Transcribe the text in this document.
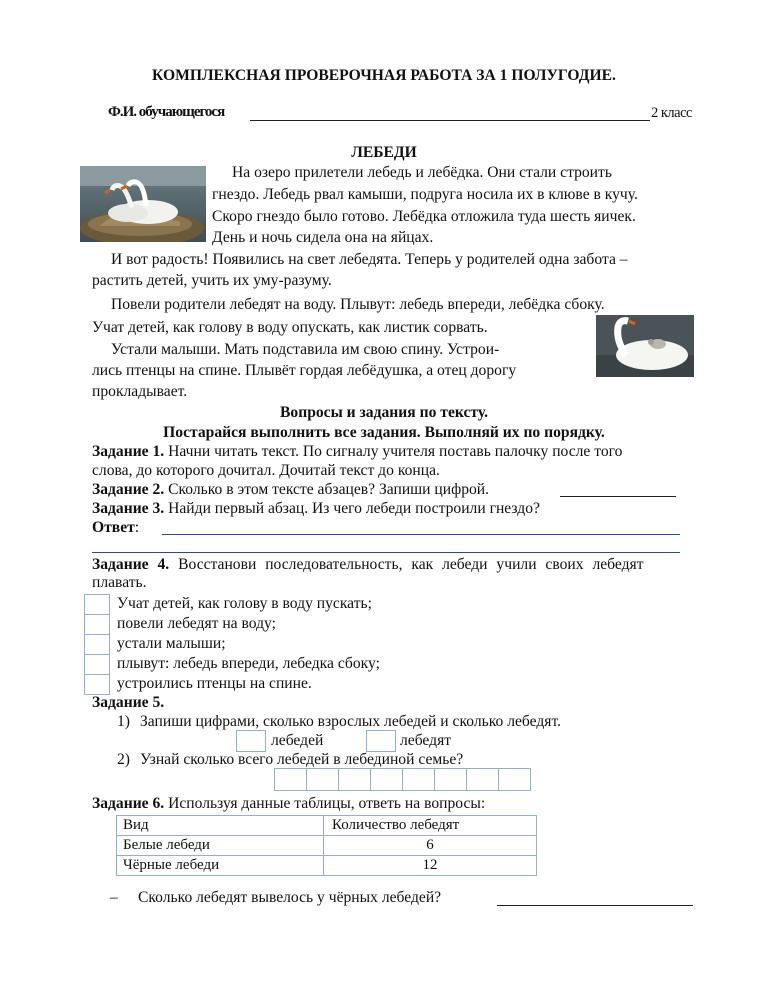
КОМПЛЕКСНАЯ ПРОВЕРОЧНАЯ РАБОТА ЗА 1 ПОЛУГОДИЕ.
Ф.И. обучающегося	2 класс
ЛЕБЕДИ
На озеро прилетели лебедь и лебёдка. Они стали строить
гнездо. Лебедь рвал камыши, подруга носила их в клюве в кучу.
Скоро гнездо было готово. Лебёдка отложила туда шесть яичек.
День и ночь сидела она на яйцах.
И вот радость! Появились на свет лебедята. Теперь у родителей одна забота –
растить детей, учить их уму-разуму.
Повели родители лебедят на воду. Плывут: лебедь впереди, лебёдка сбоку.
Учат детей, как голову в воду опускать, как листик сорвать.
Устали малыши. Мать подставила им свою спину. Устрои-
лись птенцы на спине. Плывёт гордая лебёдушка, а отец дорогу
прокладывает.
Вопросы и задания по тексту.
Постарайся выполнить все задания. Выполняй их по порядку.
Задание 1. Начни читать текст. По сигналу учителя поставь палочку после того
слова, до которого дочитал. Дочитай текст до конца.
Задание 2. Сколько в этом тексте абзацев? Запиши цифрой.
Задание 3. Найди первый абзац. Из чего лебеди построили гнездо?
Ответ:
Задание 4. Восстанови последовательность, как лебеди учили своих лебедят
плавать.
Учат детей, как голову в воду пускать;
повели лебедят на воду;
устали малыши;
плывут: лебедь впереди, лебедка сбоку;
устроились птенцы на спине.
Задание 5.
1) Запиши цифрами, сколько взрослых лебедей и сколько лебедят.
лебедей	лебедят
2) Узнай сколько всего лебедей в лебединой семье?
Задание 6. Используя данные таблицы, ответь на вопросы:
Вид	Количество лебедят
Белые лебеди	6
Чёрные лебеди	12
– Сколько лебедят вывелось у чёрных лебедей?
